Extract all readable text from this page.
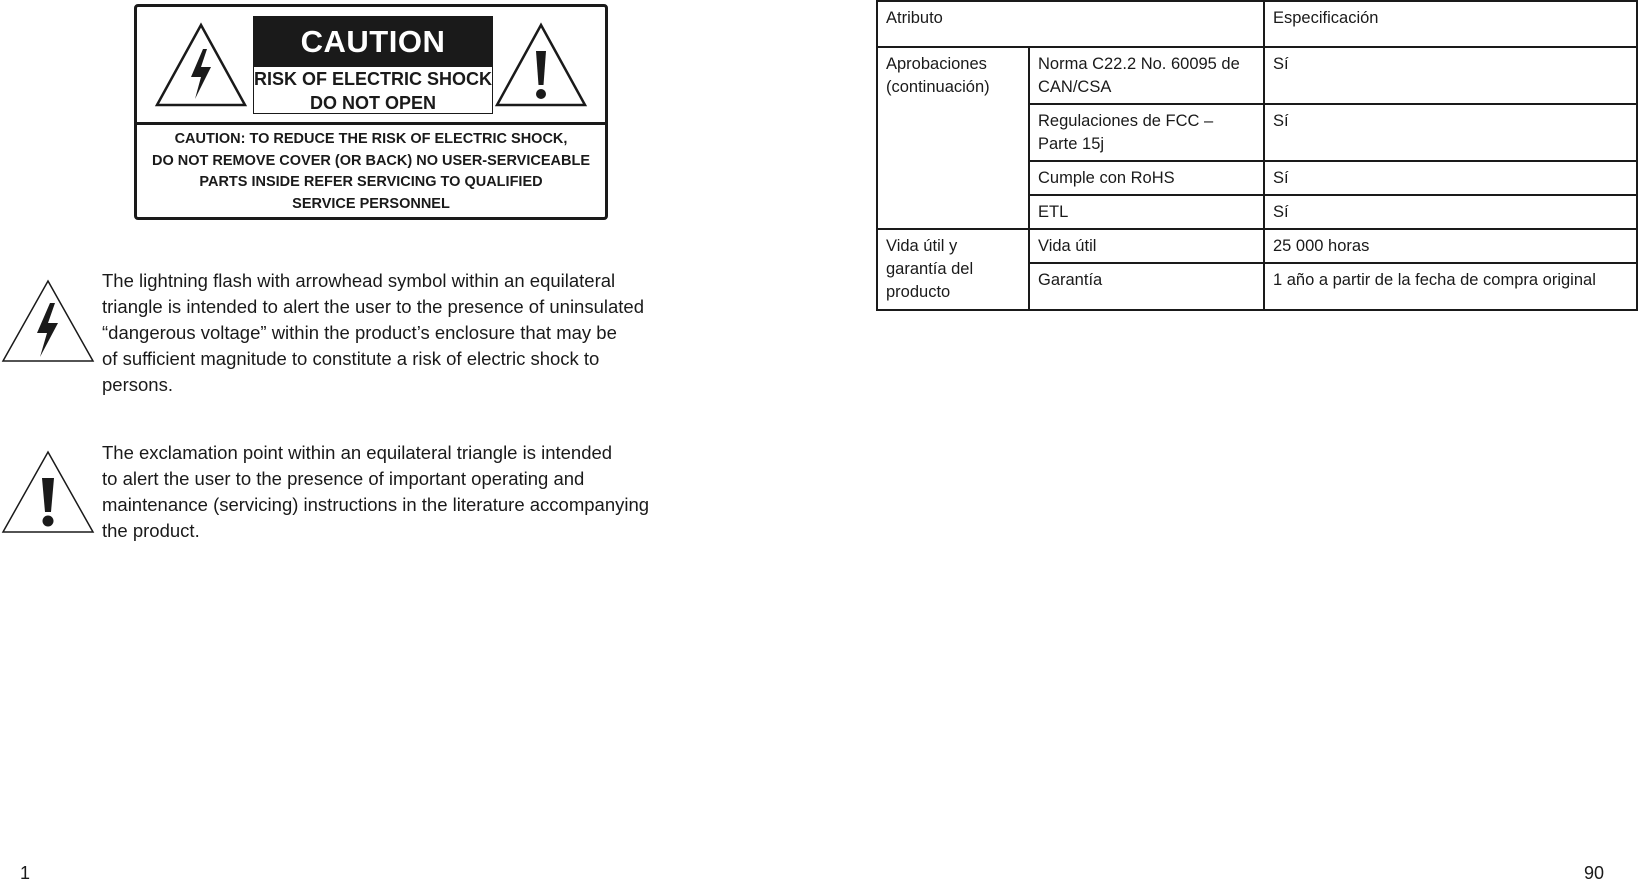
CAUTION
RISK OF ELECTRIC SHOCK
DO NOT OPEN
CAUTION: TO REDUCE THE RISK OF ELECTRIC SHOCK,
DO NOT REMOVE COVER (OR BACK) NO USER-SERVICEABLE
PARTS INSIDE REFER SERVICING TO QUALIFIED
SERVICE PERSONNEL
The lightning flash with arrowhead symbol within an equilateral
triangle is intended to alert the user to the presence of uninsulated
“dangerous voltage” within the product’s enclosure that may be
of sufficient magnitude to constitute a risk of electric shock to
persons.
The exclamation point within an equilateral triangle is intended
to alert the user to the presence of important operating and
maintenance (servicing) instructions in the literature accompanying
the product.
Atributo		Especificación
Aprobaciones (continuación)	Norma C22.2 No. 60095 de CAN/CSA	Sí
	Regulaciones de FCC – Parte 15j	Sí
	Cumple con RoHS	Sí
	ETL	Sí
Vida útil y garantía del producto	Vida útil	25 000 horas
	Garantía	1 año a partir de la fecha de compra original
1	90
